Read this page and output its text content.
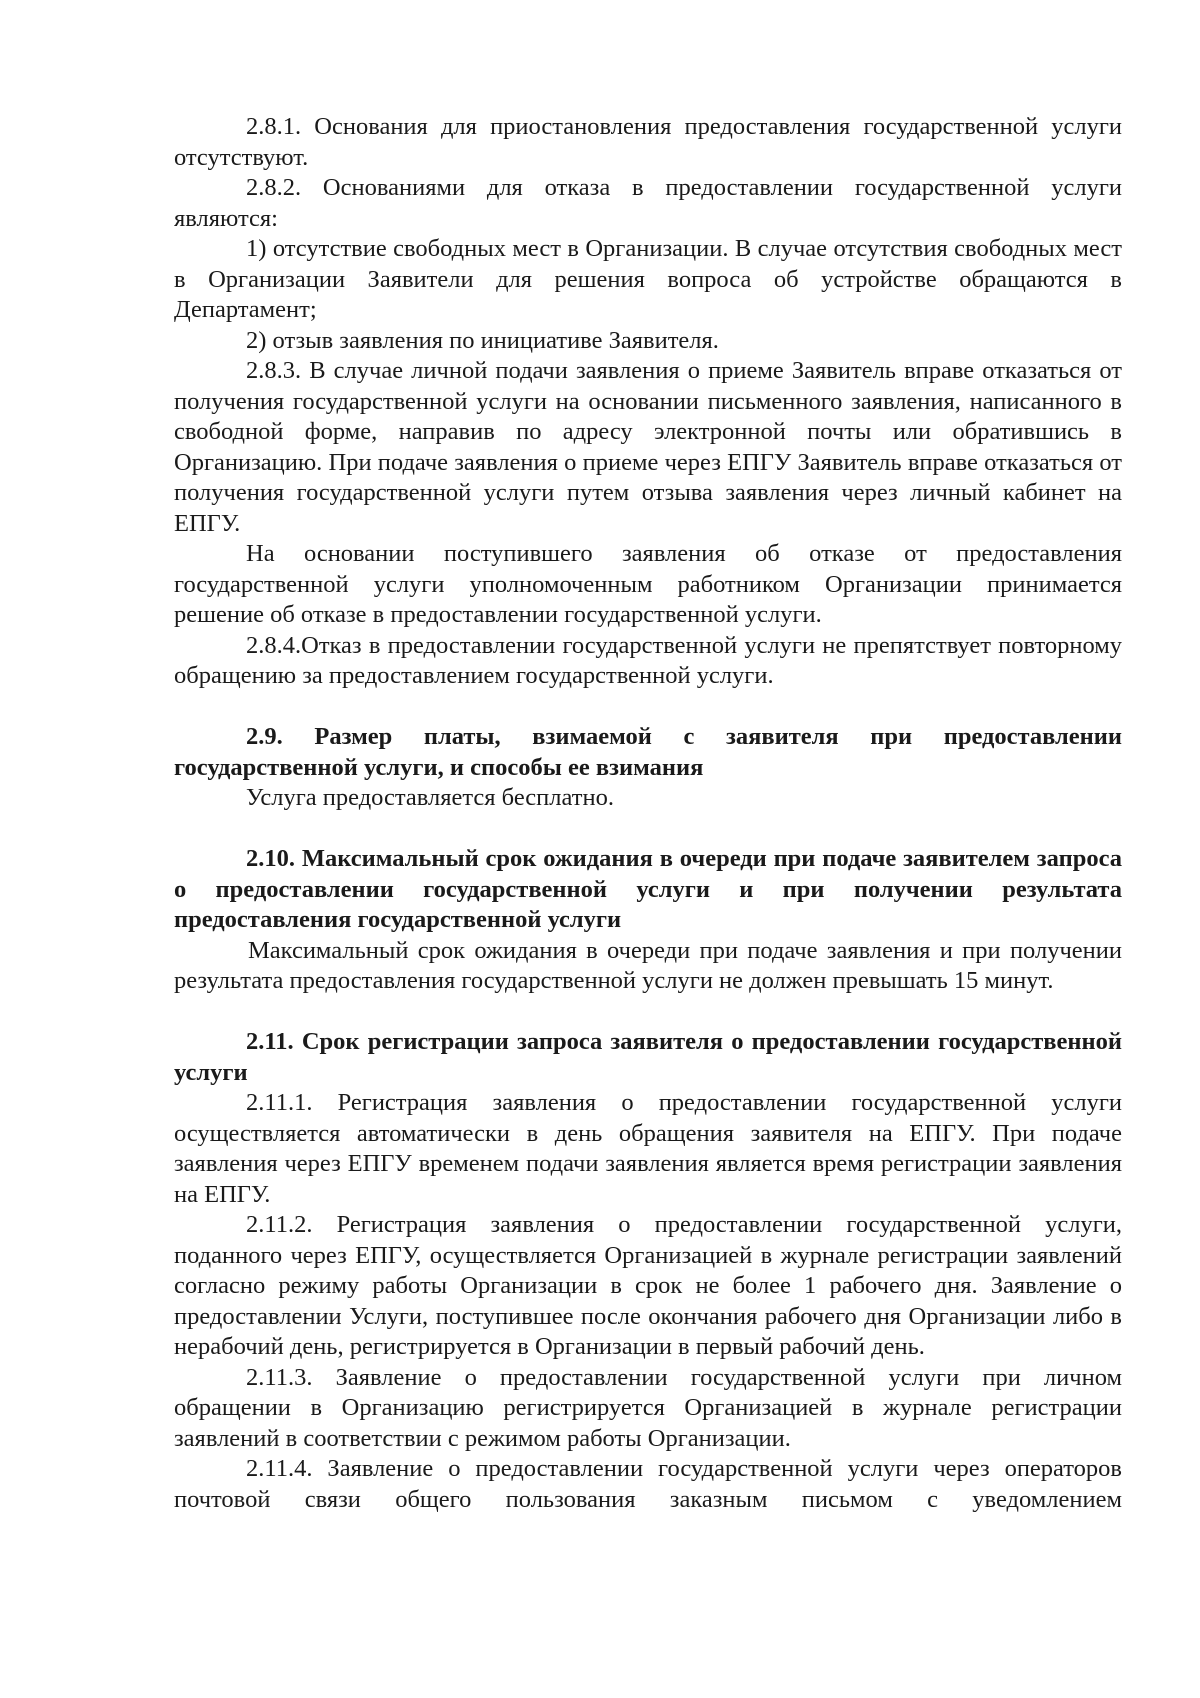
2.8.1. Основания для приостановления предоставления государственной услуги отсутствуют.

2.8.2. Основаниями для отказа в предоставлении государственной услуги являются:

1) отсутствие свободных мест в Организации. В случае отсутствия свободных мест в Организации Заявители для решения вопроса об устройстве обращаются в Департамент;

2) отзыв заявления по инициативе Заявителя.

2.8.3. В случае личной подачи заявления о приеме Заявитель вправе отказаться от получения государственной услуги на основании письменного заявления, написанного в свободной форме, направив по адресу электронной почты или обратившись в Организацию. При подаче заявления о приеме через ЕПГУ Заявитель вправе отказаться от получения государственной услуги путем отзыва заявления через личный кабинет на ЕПГУ.

На основании поступившего заявления об отказе от предоставления государственной услуги уполномоченным работником Организации принимается решение об отказе в предоставлении государственной услуги.

2.8.4.Отказ в предоставлении государственной услуги не препятствует повторному обращению за предоставлением государственной услуги.

2.9. Размер платы, взимаемой с заявителя при предоставлении государственной услуги, и способы ее взимания

Услуга предоставляется бесплатно.

2.10. Максимальный срок ожидания в очереди при подаче заявителем запроса о предоставлении государственной услуги и при получении результата предоставления государственной услуги

Максимальный срок ожидания в очереди при подаче заявления и при получении результата предоставления государственной услуги не должен превышать 15 минут.

2.11. Срок регистрации запроса заявителя о предоставлении государственной услуги

2.11.1. Регистрация заявления о предоставлении государственной услуги осуществляется автоматически в день обращения заявителя на ЕПГУ. При подаче заявления через ЕПГУ временем подачи заявления является время регистрации заявления на ЕПГУ.

2.11.2. Регистрация заявления о предоставлении государственной услуги, поданного через ЕПГУ, осуществляется Организацией в журнале регистрации заявлений согласно режиму работы Организации в срок не более 1 рабочего дня. Заявление о предоставлении Услуги, поступившее после окончания рабочего дня Организации либо в нерабочий день, регистрируется в Организации в первый рабочий день.

2.11.3. Заявление о предоставлении государственной услуги при личном обращении в Организацию регистрируется Организацией в журнале регистрации заявлений в соответствии с режимом работы Организации.

2.11.4. Заявление о предоставлении государственной услуги через операторов почтовой связи общего пользования заказным письмом с уведомлением
